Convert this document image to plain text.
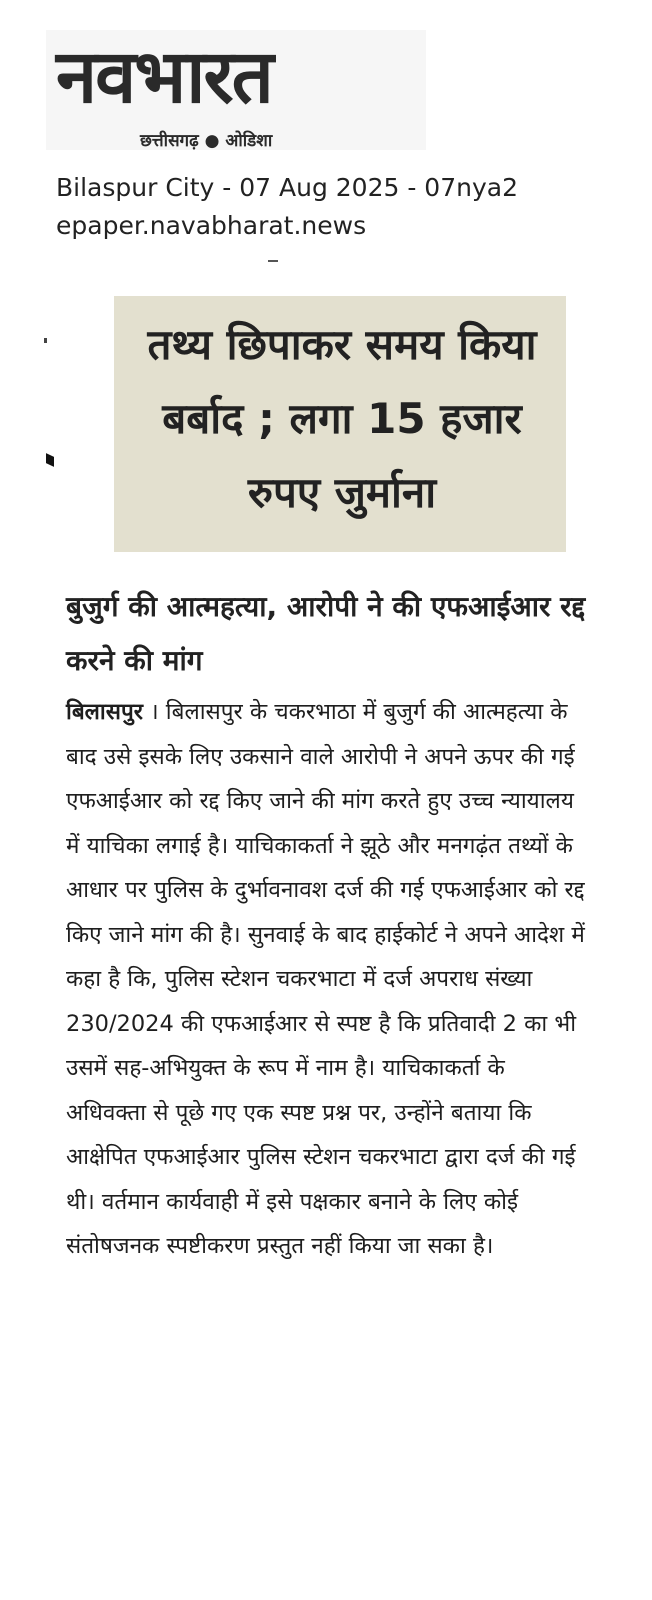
नवभारत
छत्तीसगढ़ ● ओडिशा
Bilaspur City - 07 Aug 2025 - 07nya2
epaper.navabharat.news
तथ्य छिपाकर समय किया बर्बाद ; लगा 15 हजार रुपए जुर्माना
बुजुर्ग की आत्महत्या, आरोपी ने की एफआईआर रद्द करने की मांग
बिलासपुर । बिलासपुर के चकरभाठा में बुजुर्ग की आत्महत्या के बाद उसे इसके लिए उकसाने वाले आरोपी ने अपने ऊपर की गई एफआईआर को रद्द किए जाने की मांग करते हुए उच्च न्यायालय में याचिका लगाई है। याचिकाकर्ता ने झूठे और मनगढ़ंत तथ्यों के आधार पर पुलिस के दुर्भावनावश दर्ज की गई एफआईआर को रद्द किए जाने मांग की है। सुनवाई के बाद हाईकोर्ट ने अपने आदेश में कहा है कि, पुलिस स्टेशन चकरभाटा में दर्ज अपराध संख्या 230/2024 की एफआईआर से स्पष्ट है कि प्रतिवादी 2 का भी उसमें सह-अभियुक्त के रूप में नाम है। याचिकाकर्ता के अधिवक्ता से पूछे गए एक स्पष्ट प्रश्न पर, उन्होंने बताया कि आक्षेपित एफआईआर पुलिस स्टेशन चकरभाटा द्वारा दर्ज की गई थी। वर्तमान कार्यवाही में इसे पक्षकार बनाने के लिए कोई संतोषजनक स्पष्टीकरण प्रस्तुत नहीं किया जा सका है।
